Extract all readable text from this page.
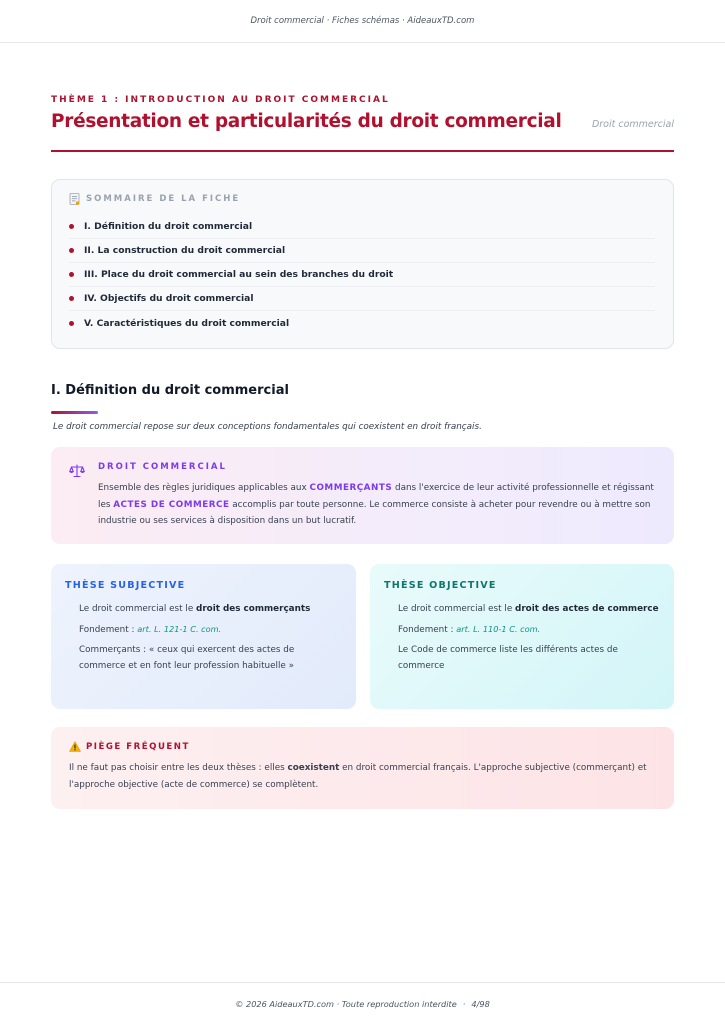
Droit commercial · Fiches schémas · AideauxTD.com
THÈME 1 : INTRODUCTION AU DROIT COMMERCIAL
Présentation et particularités du droit commercial	Droit commercial
SOMMAIRE DE LA FICHE
I. Définition du droit commercial
II. La construction du droit commercial
III. Place du droit commercial au sein des branches du droit
IV. Objectifs du droit commercial
V. Caractéristiques du droit commercial
I. Définition du droit commercial

Le droit commercial repose sur deux conceptions fondamentales qui coexistent en droit français.

DROIT COMMERCIAL

Ensemble des règles juridiques applicables aux COMMERÇANTS dans l'exercice de leur activité professionnelle et régissant les ACTES DE COMMERCE accomplis par toute personne. Le commerce consiste à acheter pour revendre ou à mettre son industrie ou ses services à disposition dans un but lucratif.

THÈSE SUBJECTIVE

Le droit commercial est le droit des commerçants

Fondement : art. L. 121-1 C. com.

Commerçants : « ceux qui exercent des actes de commerce et en font leur profession habituelle »

THÈSE OBJECTIVE

Le droit commercial est le droit des actes de commerce

Fondement : art. L. 110-1 C. com.

Le Code de commerce liste les différents actes de commerce

PIÈGE FRÉQUENT

Il ne faut pas choisir entre les deux thèses : elles coexistent en droit commercial français. L'approche subjective (commerçant) et l'approche objective (acte de commerce) se complètent.

© 2026 AideauxTD.com · Toute reproduction interdite · 4/98
